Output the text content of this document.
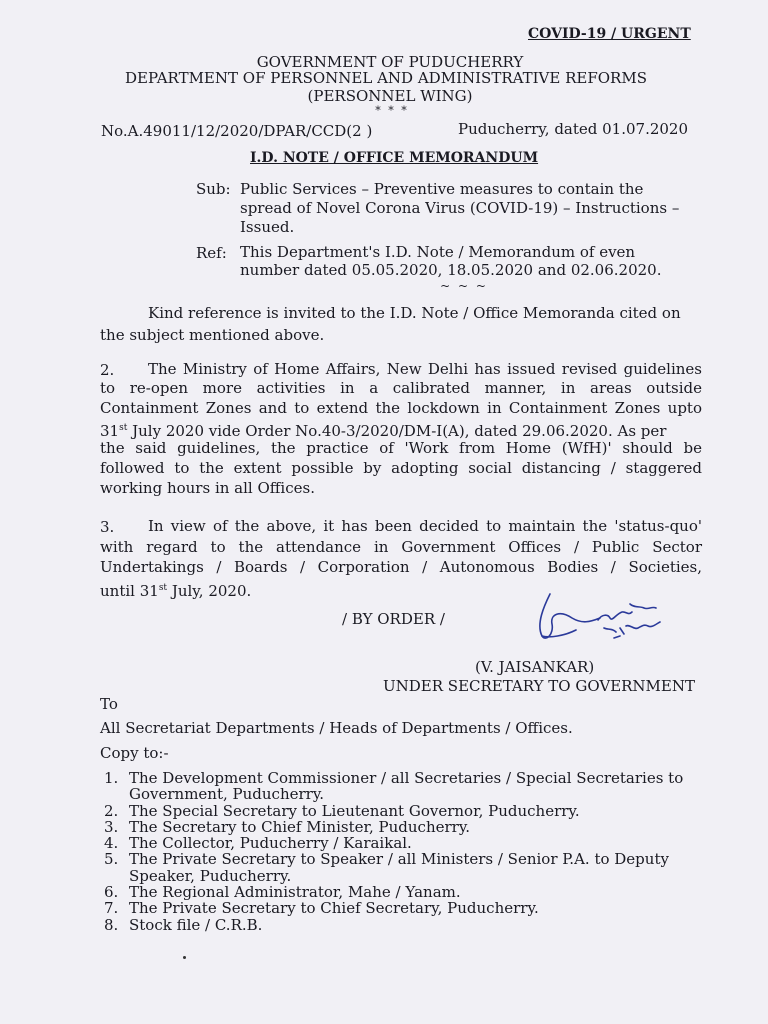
COVID-19 / URGENT
GOVERNMENT OF PUDUCHERRY
DEPARTMENT OF PERSONNEL AND ADMINISTRATIVE REFORMS
(PERSONNEL WING)
* * *
No.A.49011/12/2020/DPAR/CCD(2 )	Puducherry, dated 01.07.2020
I.D. NOTE / OFFICE MEMORANDUM
Sub: Public Services – Preventive measures to contain the
spread of Novel Corona Virus (COVID-19) – Instructions –
Issued.
Ref: This Department's I.D. Note / Memorandum of even
number dated 05.05.2020, 18.05.2020 and 02.06.2020.
~ ~ ~
Kind reference is invited to the I.D. Note / Office Memoranda cited on
the subject mentioned above.
2. The Ministry of Home Affairs, New Delhi has issued revised guidelines
to re-open more activities in a calibrated manner, in areas outside
Containment Zones and to extend the lockdown in Containment Zones upto
31st July 2020 vide Order No.40-3/2020/DM-I(A), dated 29.06.2020. As per
the said guidelines, the practice of 'Work from Home (WfH)' should be
followed to the extent possible by adopting social distancing / staggered
working hours in all Offices.
3. In view of the above, it has been decided to maintain the 'status-quo'
with regard to the attendance in Government Offices / Public Sector
Undertakings / Boards / Corporation / Autonomous Bodies / Societies,
until 31st July, 2020.
/ BY ORDER /
(V. JAISANKAR)
UNDER SECRETARY TO GOVERNMENT
To
All Secretariat Departments / Heads of Departments / Offices.
Copy to:-
1. The Development Commissioner / all Secretaries / Special Secretaries to
Government, Puducherry.
2. The Special Secretary to Lieutenant Governor, Puducherry.
3. The Secretary to Chief Minister, Puducherry.
4. The Collector, Puducherry / Karaikal.
5. The Private Secretary to Speaker / all Ministers / Senior P.A. to Deputy
Speaker, Puducherry.
6. The Regional Administrator, Mahe / Yanam.
7. The Private Secretary to Chief Secretary, Puducherry.
8. Stock file / C.R.B.
